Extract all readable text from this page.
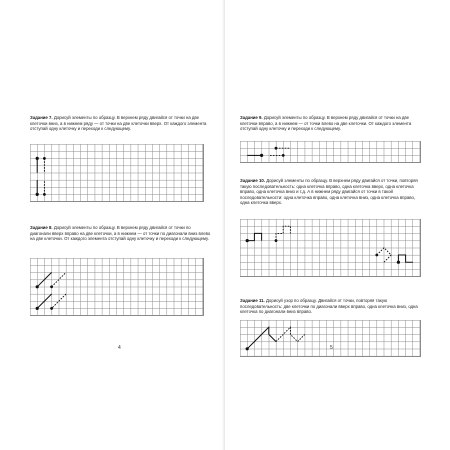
Задание 7. Дорисуй элементы по образцу. В верхнем ряду двигайся от точки на две клеточки вниз, а в нижнем ряду — от точки на две клеточки вверх. От каждого элемента отступай одну клеточку и переходи к следующему.
Задание 8. Дорисуй элементы по образцу. В верхнем ряду двигайся от точки по диагонали вверх вправо на две клеточки, а в нижнем — от точки по диагонали вниз влево на две клеточки. От каждого элемента отступай одну клеточку и переходи к следующему.
4
Задание 9. Дорисуй элементы по образцу. В верхнем ряду двигайся от точки на две клеточки вправо, а в нижнем — от точки влево на две клеточки. От каждого элемента отступай одну клеточку и переходи к следующему.
Задание 10. Дорисуй элементы по образцу. В верхнем ряду двигайся от точки, повторяя такую последовательность: одна клеточка вправо, одна клеточка вверх, одна клеточка вправо, одна клеточка вниз и т.д. А в нижнем ряду двигайся от точки в такой последовательности: одна клеточка вправо, одна клеточка вниз, одна клеточка вправо, одна клеточка вверх.
Задание 11. Дорисуй узор по образцу. Двигайся от точки, повторяя такую последовательность: две клеточки по диагонали вверх вправо, одна клеточка вниз, одна клеточка по диагонали вниз вправо.
5
